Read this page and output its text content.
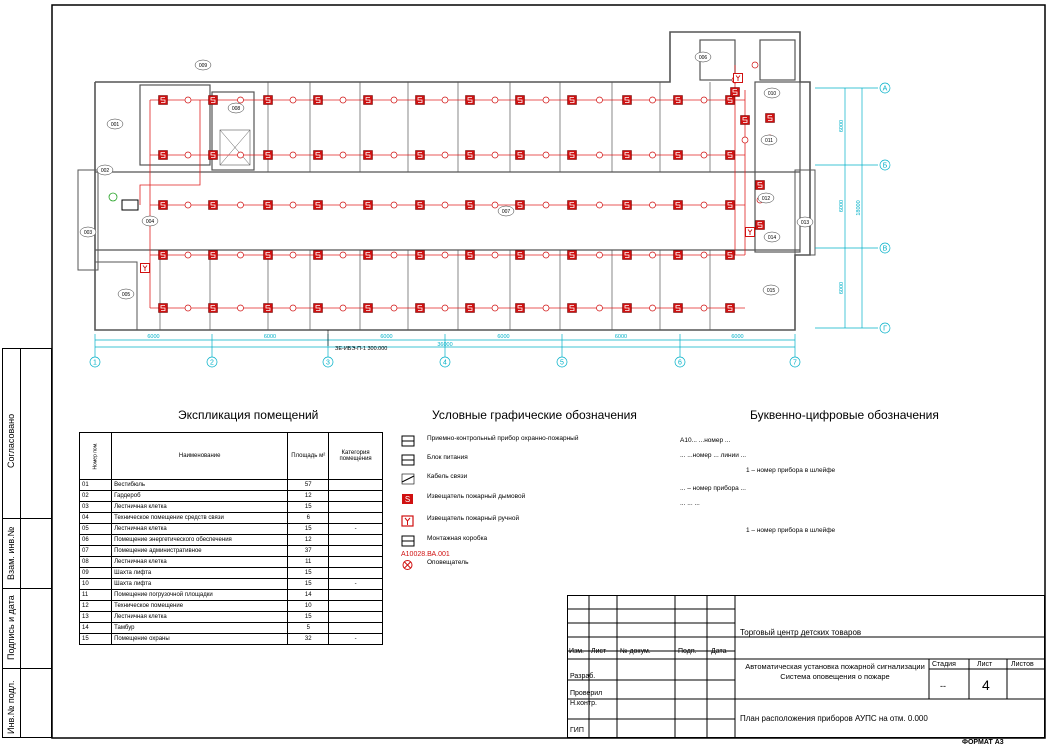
1	2	3	4	5	6	7
6000	6000	6000	6000	6000	6000
36000
А
Б
В
Г
6000
6000
6000
18000
001
002
003
004
005
006
007
008
009
010
011
012
013
014
015
ЗЕ-ИБЭ-П-1 300.000
Согласовано
Взам. инв.№
Подпись и дата
Инв.№ подл.
Экспликация помещений
Номер пом.	Наименование	Площадь м²	Категория помещения
01	Вестибюль	57	
02	Гардероб	12	
03	Лестничная клетка	15	
04	Техническое помещение средств связи	6	
05	Лестничная клетка	15	-
06	Помещение энергетического обеспечения	12	
07	Помещение административное	37	
08	Лестничная клетка	11	
09	Шахта лифта	15	
10	Шахта лифта	15	-
11	Помещение погрузочной площадки	14	
12	Техническое помещение	10	
13	Лестничная клетка	15	
14	Тамбур	5	
15	Помещение охраны	32	-
Условные графические обозначения
Приемно-контрольный прибор охранно-пожарный
Блок питания
Кабель связи
S	Извещатель пожарный дымовой
Извещатель пожарный ручной
Монтажная коробка
Оповещатель
А10028.ВА.001
Буквенно-цифровые обозначения
А10... ...номер ...
... ...номер ... линии ...
1 – номер прибора в шлейфе
... – номер прибора ...
... ... ...
1 – номер прибора в шлейфе
Торговый центр детских товаров
Автоматическая установка пожарной сигнализации Система оповещения о пожаре
План расположения приборов АУПС на отм. 0.000
Изм. Лист № докум.	Подп. Дата
Разраб.
Проверил
Н.контр.
ГИП
Стадия	Лист	Листов
--	4
ФОРМАТ А3
